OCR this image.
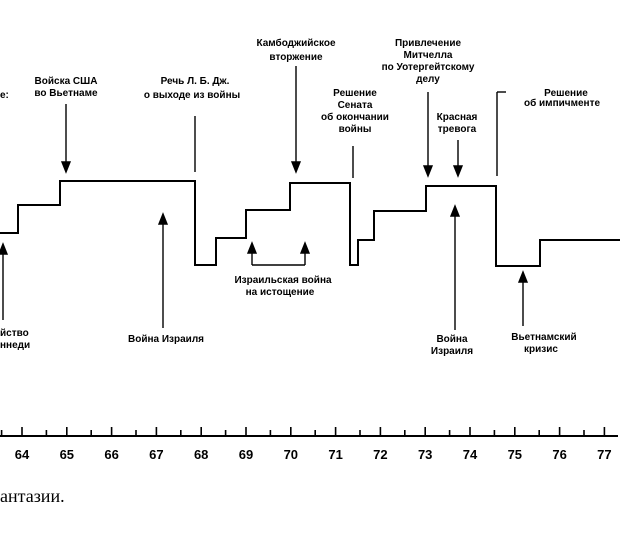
е:
Войска США во Вьетнаме
Речь Л. Б. Дж. о выходе из войны
Камбоджийское вторжение
Привлечение Митчелла по Уотергейтскому делу
Решение Сената об окончании войны
Красная тревога
Решение об импичменте
Израильская война на истощение
йство ннеди
Война Израиля	Война Израиля
Вьетнамский кризис
64 65 66 67 68 69 70 71 72 73 74 75 76 77
антазии.
